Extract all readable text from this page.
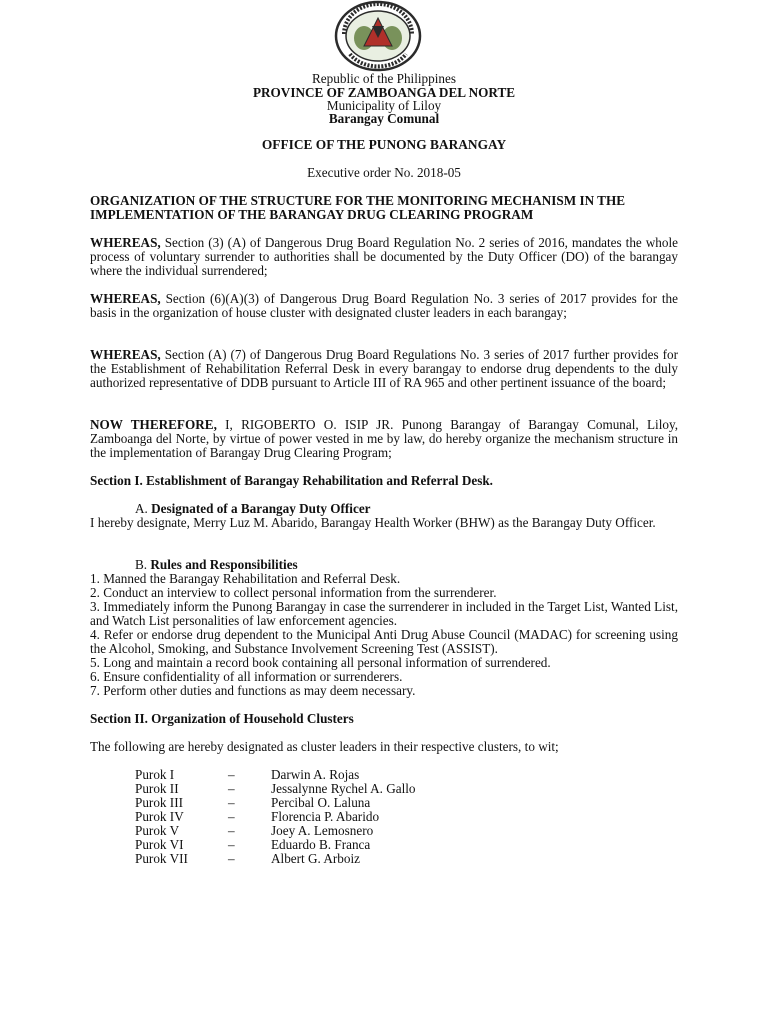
Republic of the Philippines
PROVINCE OF ZAMBOANGA DEL NORTE
Municipality of Liloy
Barangay Comunal
OFFICE OF THE PUNONG BARANGAY
Executive order No. 2018-05
ORGANIZATION OF THE STRUCTURE FOR THE MONITORING MECHANISM IN THE IMPLEMENTATION OF THE BARANGAY DRUG CLEARING PROGRAM
WHEREAS, Section (3) (A) of Dangerous Drug Board Regulation No. 2 series of 2016, mandates the whole process of voluntary surrender to authorities shall be documented by the Duty Officer (DO) of the barangay where the individual surrendered;
WHEREAS, Section (6)(A)(3) of Dangerous Drug Board Regulation No. 3 series of 2017 provides for the basis in the organization of house cluster with designated cluster leaders in each barangay;
WHEREAS, Section (A) (7) of Dangerous Drug Board Regulations No. 3 series of 2017 further provides for the Establishment of Rehabilitation Referral Desk in every barangay to endorse drug dependents to the duly authorized representative of DDB pursuant to Article III of RA 965 and other pertinent issuance of the board;
NOW THEREFORE, I, RIGOBERTO O. ISIP JR. Punong Barangay of Barangay Comunal, Liloy, Zamboanga del Norte, by virtue of power vested in me by law, do hereby organize the mechanism structure in the implementation of Barangay Drug Clearing Program;
Section I. Establishment of Barangay Rehabilitation and Referral Desk.
A. Designated of a Barangay Duty Officer
I hereby designate, Merry Luz M. Abarido, Barangay Health Worker (BHW) as the Barangay Duty Officer.
B. Rules and Responsibilities
1. Manned the Barangay Rehabilitation and Referral Desk.
2. Conduct an interview to collect personal information from the surrenderer.
3. Immediately inform the Punong Barangay in case the surrenderer in included in the Target List, Wanted List, and Watch List personalities of law enforcement agencies.
4. Refer or endorse drug dependent to the Municipal Anti Drug Abuse Council (MADAC) for screening using the Alcohol, Smoking, and Substance Involvement Screening Test (ASSIST).
5. Long and maintain a record book containing all personal information of surrendered.
6. Ensure confidentiality of all information or surrenderers.
7. Perform other duties and functions as may deem necessary.
Section II. Organization of Household Clusters
The following are hereby designated as cluster leaders in their respective clusters, to wit;
Purok I	–	Darwin A. Rojas
Purok II	–	Jessalynne Rychel A. Gallo
Purok III	–	Percibal O. Laluna
Purok IV	–	Florencia P. Abarido
Purok V	–	Joey A. Lemosnero
Purok VI	–	Eduardo B. Franca
Purok VII	–	Albert G. Arboiz
